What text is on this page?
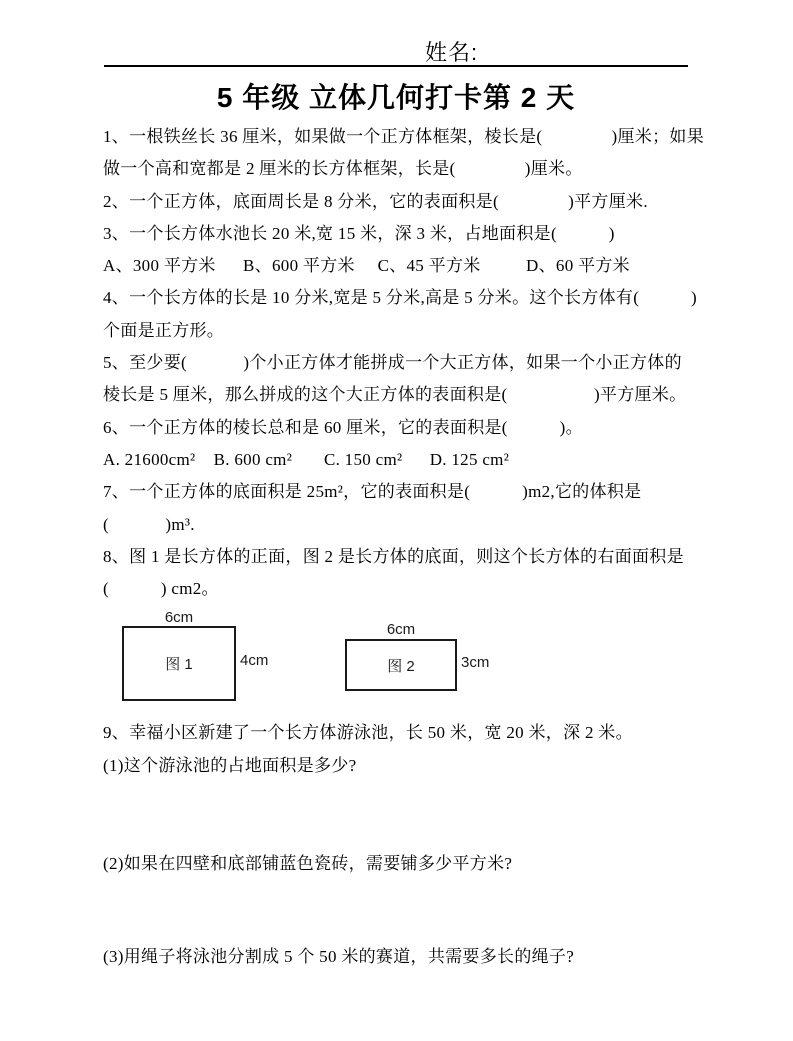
姓名:
5 年级 立体几何打卡第 2 天
1、一根铁丝长 36 厘米，如果做一个正方体框架，棱长是(　　　　)厘米；如果
做一个高和宽都是 2 厘米的长方体框架，长是(　　　　)厘米。
2、一个正方体，底面周长是 8 分米，它的表面积是(　　　　)平方厘米.
3、一个长方体水池长 20 米,宽 15 米，深 3 米，占地面积是(　　　)
A、300 平方米      B、600 平方米     C、45 平方米          D、60 平方米
4、一个长方体的长是 10 分米,宽是 5 分米,高是 5 分米。这个长方体有(　　　)
个面是正方形。
5、至少要(　　　 )个小正方体才能拼成一个大正方体，如果一个小正方体的
棱长是 5 厘米，那么拼成的这个大正方体的表面积是(　　　　　)平方厘米。
6、一个正方体的棱长总和是 60 厘米，它的表面积是(　　　)。
A. 21600cm²    B. 600 cm²       C. 150 cm²      D. 125 cm²
7、一个正方体的底面积是 25m²，它的表面积是(　　　)m2,它的体积是
(　　　 )m³.
8、图 1 是长方体的正面，图 2 是长方体的底面，则这个长方体的右面面积是
(　　　) cm2。
6cm
图 1	4cm
6cm
图 2	3cm
9、幸福小区新建了一个长方体游泳池，长 50 米，宽 20 米，深 2 米。
(1)这个游泳池的占地面积是多少?
(2)如果在四壁和底部铺蓝色瓷砖，需要铺多少平方米?
(3)用绳子将泳池分割成 5 个 50 米的赛道，共需要多长的绳子?
